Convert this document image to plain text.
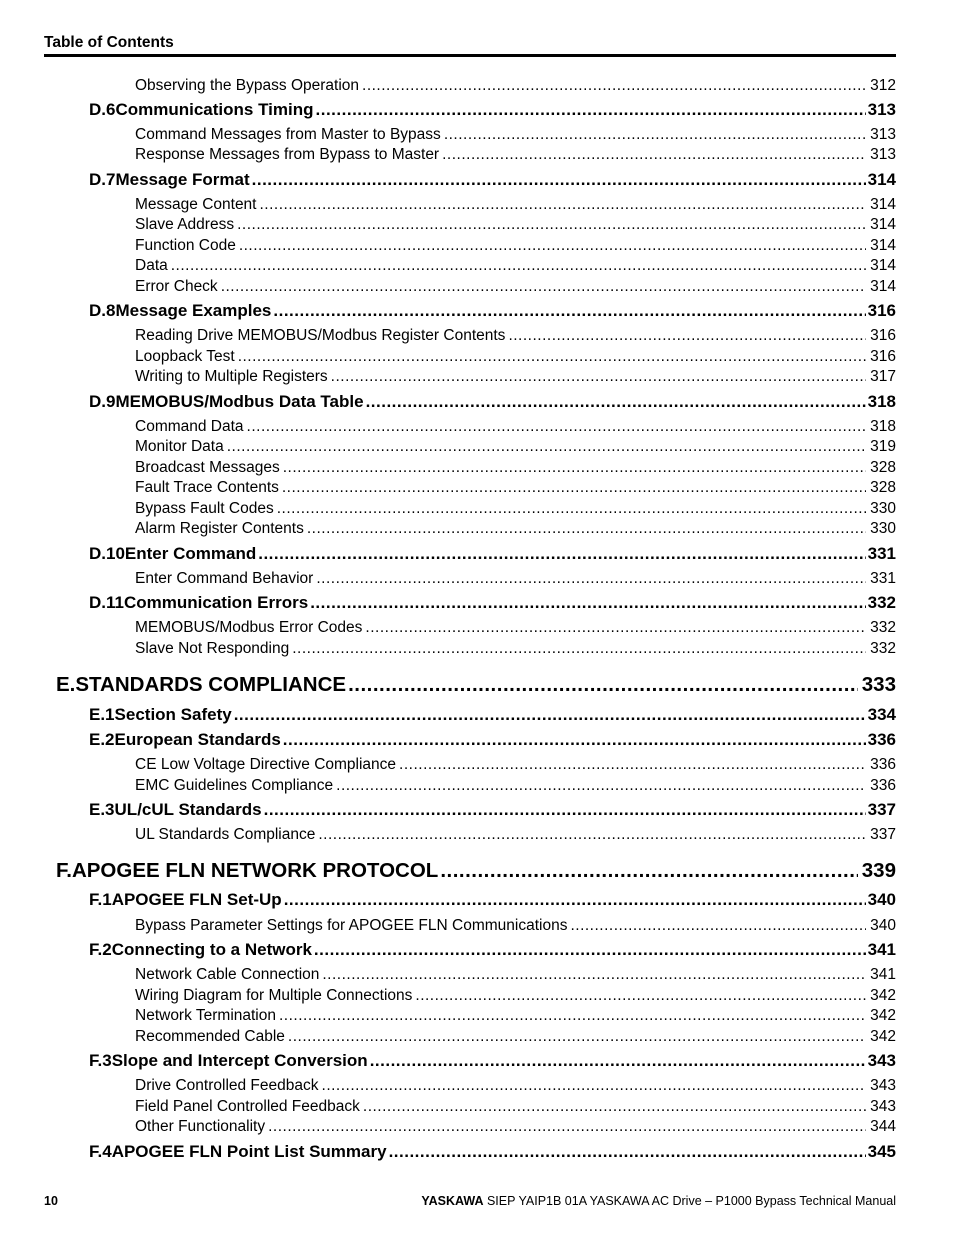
Table of Contents
Observing the Bypass Operation .....	312
D.6 Communications Timing .....	313
Command Messages from Master to Bypass .....	313
Response Messages from Bypass to Master .....	313
D.7 Message Format .....	314
Message Content .....	314
Slave Address .....	314
Function Code .....	314
Data .....	314
Error Check .....	314
D.8 Message Examples .....	316
Reading Drive MEMOBUS/Modbus Register Contents .....	316
Loopback Test .....	316
Writing to Multiple Registers .....	317
D.9 MEMOBUS/Modbus Data Table .....	318
Command Data .....	318
Monitor Data .....	319
Broadcast Messages .....	328
Fault Trace Contents .....	328
Bypass Fault Codes .....	330
Alarm Register Contents .....	330
D.10 Enter Command .....	331
Enter Command Behavior .....	331
D.11 Communication Errors .....	332
MEMOBUS/Modbus Error Codes .....	332
Slave Not Responding .....	332
E. STANDARDS COMPLIANCE .....	333
E.1 Section Safety .....	334
E.2 European Standards .....	336
CE Low Voltage Directive Compliance .....	336
EMC Guidelines Compliance .....	336
E.3 UL/cUL Standards .....	337
UL Standards Compliance .....	337
F. APOGEE FLN NETWORK PROTOCOL .....	339
F.1 APOGEE FLN Set-Up .....	340
Bypass Parameter Settings for APOGEE FLN Communications .....	340
F.2 Connecting to a Network .....	341
Network Cable Connection .....	341
Wiring Diagram for Multiple Connections .....	342
Network Termination .....	342
Recommended Cable .....	342
F.3 Slope and Intercept Conversion .....	343
Drive Controlled Feedback .....	343
Field Panel Controlled Feedback .....	343
Other Functionality .....	344
F.4 APOGEE FLN Point List Summary .....	345
10	YASKAWA SIEP YAIP1B 01A YASKAWA AC Drive – P1000 Bypass Technical Manual
